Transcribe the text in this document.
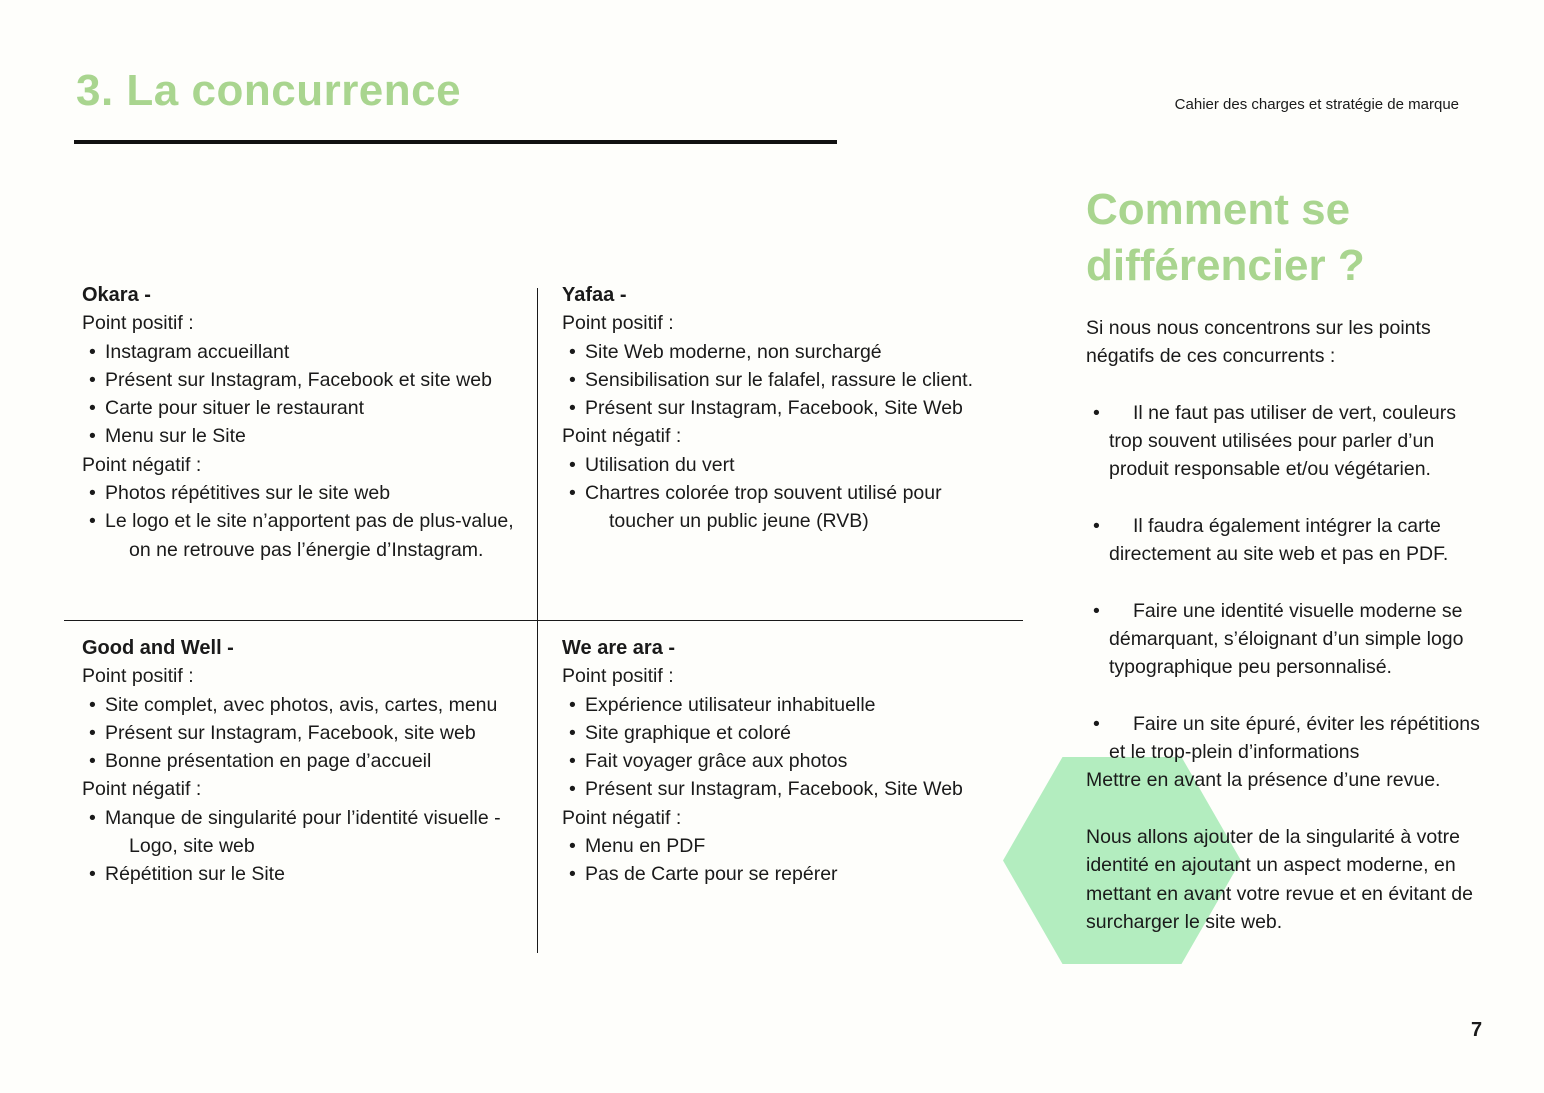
3. La concurrence	Cahier des charges et stratégie de marque
Okara -
Point positif :
• Instagram accueillant
• Présent sur Instagram, Facebook et site web
• Carte pour situer le restaurant
• Menu sur le Site
Point négatif :
• Photos répétitives sur le site web
• Le logo et le site n’apportent pas de plus-value, on ne retrouve pas l’énergie d’Instagram.
Yafaa -
Point positif :
• Site Web moderne, non surchargé
• Sensibilisation sur le falafel, rassure le client.
• Présent sur Instagram, Facebook, Site Web
Point négatif :
• Utilisation du vert
• Chartres colorée trop souvent utilisé pour toucher un public jeune (RVB)
Good and Well -
Point positif :
• Site complet, avec photos, avis, cartes, menu
• Présent sur Instagram, Facebook, site web
• Bonne présentation en page d’accueil
Point négatif :
• Manque de singularité pour l’identité visuelle - Logo, site web
• Répétition sur le Site
We are ara -
Point positif :
• Expérience utilisateur inhabituelle
• Site graphique et coloré
• Fait voyager grâce aux photos
• Présent sur Instagram, Facebook, Site Web
Point négatif :
• Menu en PDF
• Pas de Carte pour se repérer
Comment se
différencier ?

Si nous nous concentrons sur les points négatifs de ces concurrents :

• Il ne faut pas utiliser de vert, couleurs trop souvent utilisées pour parler d’un produit responsable et/ou végétarien.
• Il faudra également intégrer la carte directement au site web et pas en PDF.
• Faire une identité visuelle moderne se démarquant, s’éloignant d’un simple logo typographique peu personnalisé.
• Faire un site épuré, éviter les répétitions et le trop-plein d’informations

Mettre en avant la présence d’une revue.

Nous allons ajouter de la singularité à votre identité en ajoutant un aspect moderne, en mettant en avant votre revue et en évitant de surcharger le site web.

7
